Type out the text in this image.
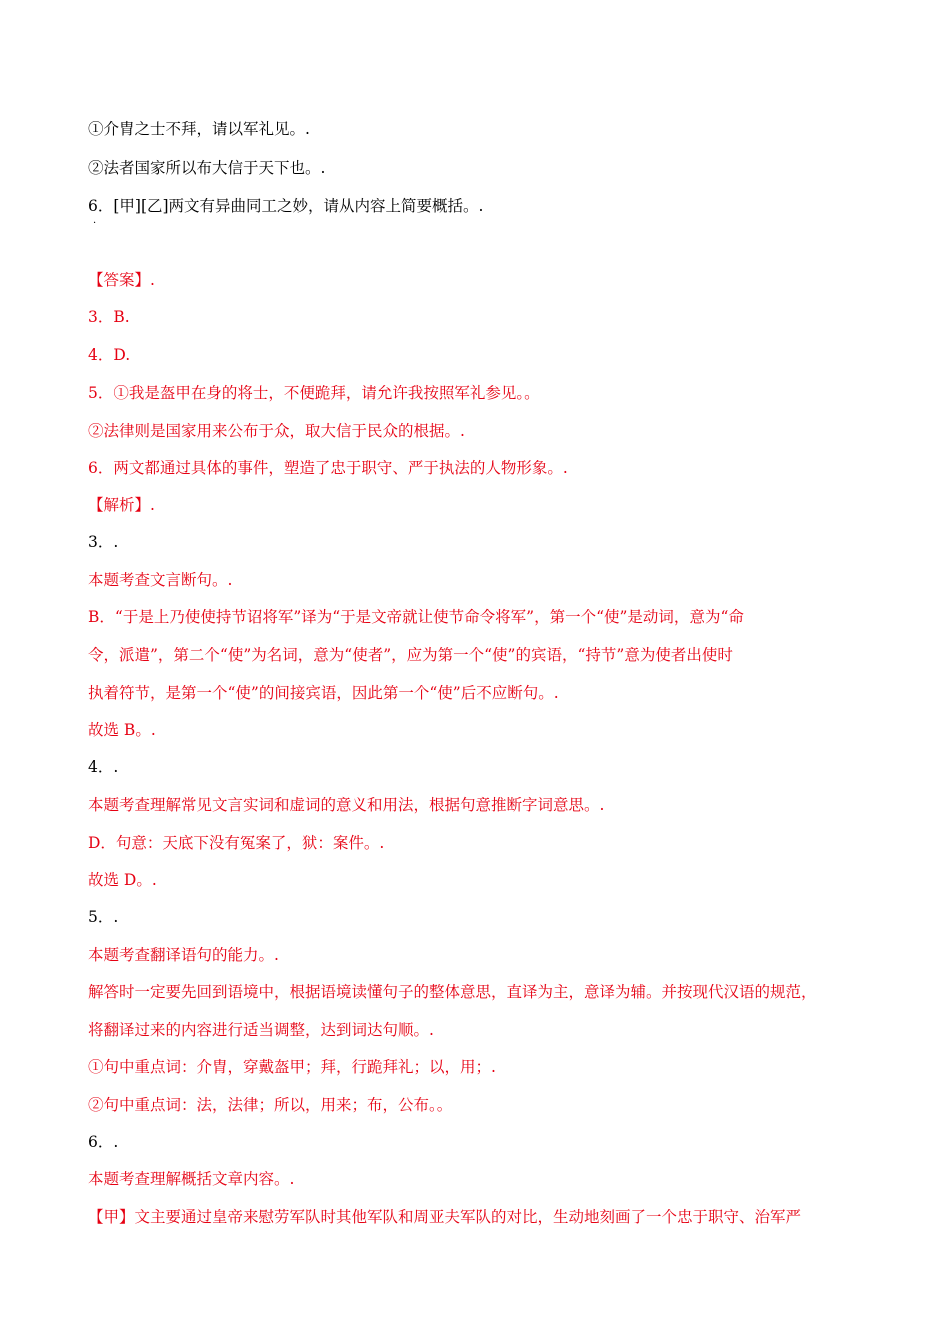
①介胄之士不拜，请以军礼见。.
②法者国家所以布大信于天下也。.
6．[甲][乙]两文有异曲同工之妙，请从内容上简要概括。.
·
【答案】.
3．B.
4．D.
5．①我是盔甲在身的将士，不便跪拜，请允许我按照军礼参见。。
②法律则是国家用来公布于众，取大信于民众的根据。.
6．两文都通过具体的事件，塑造了忠于职守、严于执法的人物形象。.
【解析】.
3．.
本题考查文言断句。.
B．“于是上乃使使持节诏将军”译为“于是文帝就让使节命令将军”，第一个“使”是动词，意为“命
令，派遣”，第二个“使”为名词，意为“使者”，应为第一个“使”的宾语，“持节”意为使者出使时
执着符节，是第一个“使”的间接宾语，因此第一个“使”后不应断句。.
故选 B。.
4．.
本题考查理解常见文言实词和虚词的意义和用法，根据句意推断字词意思。.
D．句意：天底下没有冤案了，狱：案件。.
故选 D。.
5．.
本题考查翻译语句的能力。.
解答时一定要先回到语境中，根据语境读懂句子的整体意思，直译为主，意译为辅。并按现代汉语的规范，
将翻译过来的内容进行适当调整，达到词达句顺。.
①句中重点词：介胄，穿戴盔甲；拜，行跪拜礼；以，用；.
②句中重点词：法，法律；所以，用来；布，公布。。
6．.
本题考查理解概括文章内容。.
【甲】文主要通过皇帝来慰劳军队时其他军队和周亚夫军队的对比，生动地刻画了一个忠于职守、治军严
